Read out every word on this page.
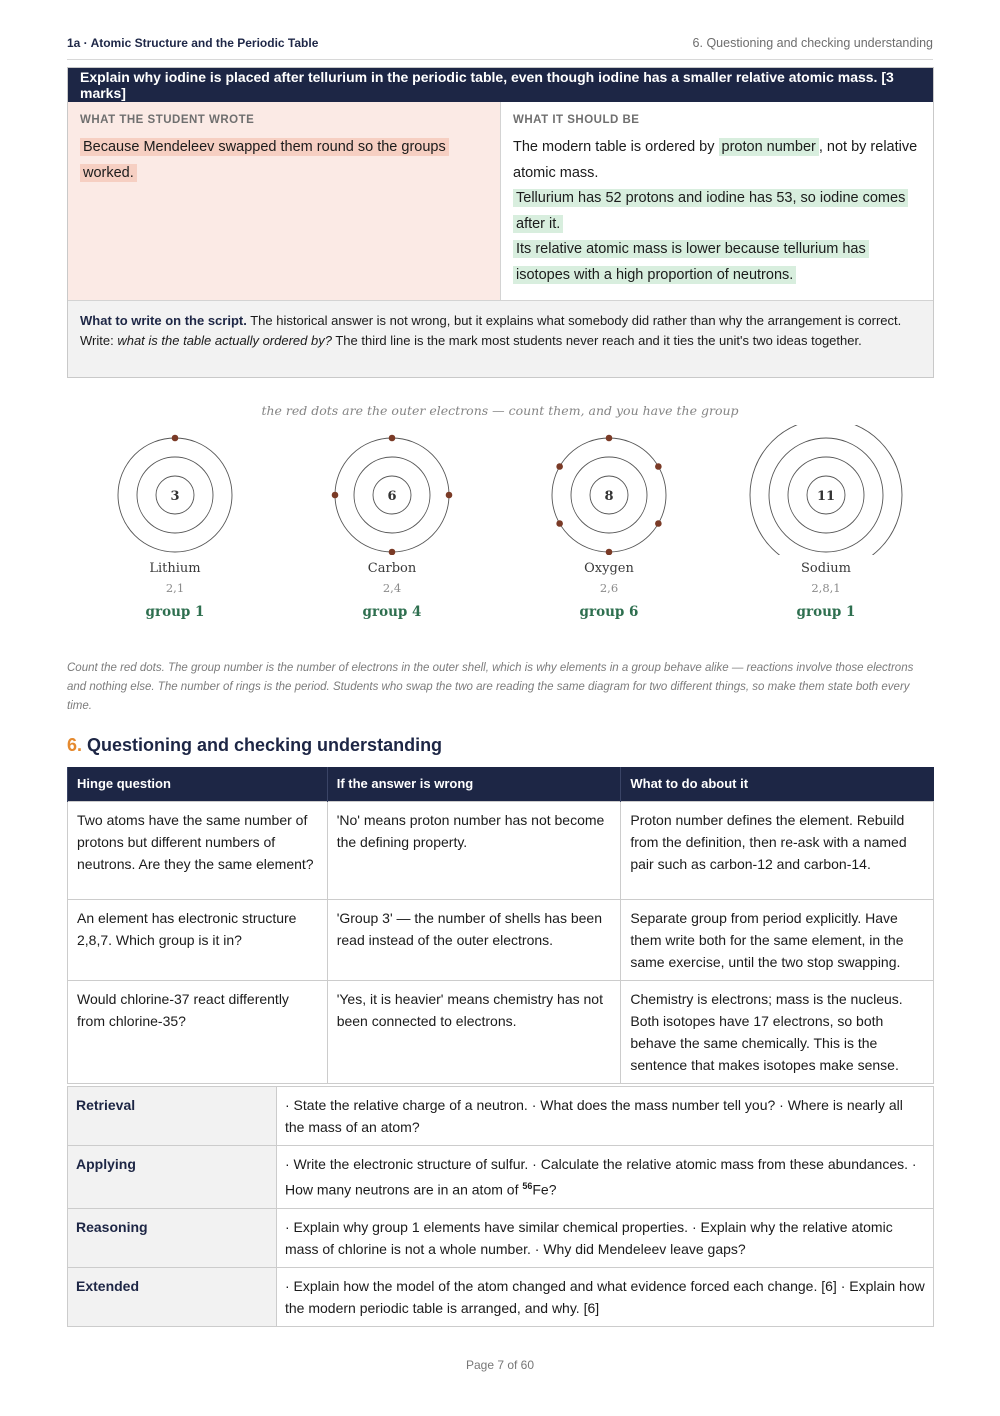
1a · Atomic Structure and the Periodic Table	6. Questioning and checking understanding
Explain why iodine is placed after tellurium in the periodic table, even though iodine has a smaller relative atomic mass. [3 marks]
WHAT THE STUDENT WROTE
Because Mendeleev swapped them round so the groups worked.
WHAT IT SHOULD BE
The modern table is ordered by proton number , not by relative atomic mass.
Tellurium has 52 protons and iodine has 53, so iodine comes after it.
Its relative atomic mass is lower because tellurium has isotopes with a high proportion of neutrons.
What to write on the script. The historical answer is not wrong, but it explains what somebody did rather than why the arrangement is correct. Write: what is the table actually ordered by? The third line is the mark most students never reach and it ties the unit's two ideas together.
the red dots are the outer electrons — count them, and you have the group
3	6	8	11
Lithium
2,1
group 1
Carbon
2,4
group 4
Oxygen
2,6
group 6
Sodium
2,8,1
group 1
Count the red dots. The group number is the number of electrons in the outer shell, which is why elements in a group behave alike — reactions involve those electrons and nothing else. The number of rings is the period. Students who swap the two are reading the same diagram for two different things, so make them state both every time.
6. Questioning and checking understanding
Hinge question	If the answer is wrong	What to do about it
Two atoms have the same number of protons but different numbers of neutrons. Are they the same element?	'No' means proton number has not become the defining property.	Proton number defines the element. Rebuild from the definition, then re-ask with a named pair such as carbon-12 and carbon-14.
An element has electronic structure 2,8,7. Which group is it in?	'Group 3' — the number of shells has been read instead of the outer electrons.	Separate group from period explicitly. Have them write both for the same element, in the same exercise, until the two stop swapping.
Would chlorine-37 react differently from chlorine-35?	'Yes, it is heavier' means chemistry has not been connected to electrons.	Chemistry is electrons; mass is the nucleus. Both isotopes have 17 electrons, so both behave the same chemically. This is the sentence that makes isotopes make sense.
Retrieval	· State the relative charge of a neutron. · What does the mass number tell you? · Where is nearly all the mass of an atom?
Applying	· Write the electronic structure of sulfur. · Calculate the relative atomic mass from these abundances. · How many neutrons are in an atom of $^{56}$Fe?
Reasoning	· Explain why group 1 elements have similar chemical properties. · Explain why the relative atomic mass of chlorine is not a whole number. · Why did Mendeleev leave gaps?
Extended	· Explain how the model of the atom changed and what evidence forced each change. [6] · Explain how the modern periodic table is arranged, and why. [6]
Page 7 of 60
